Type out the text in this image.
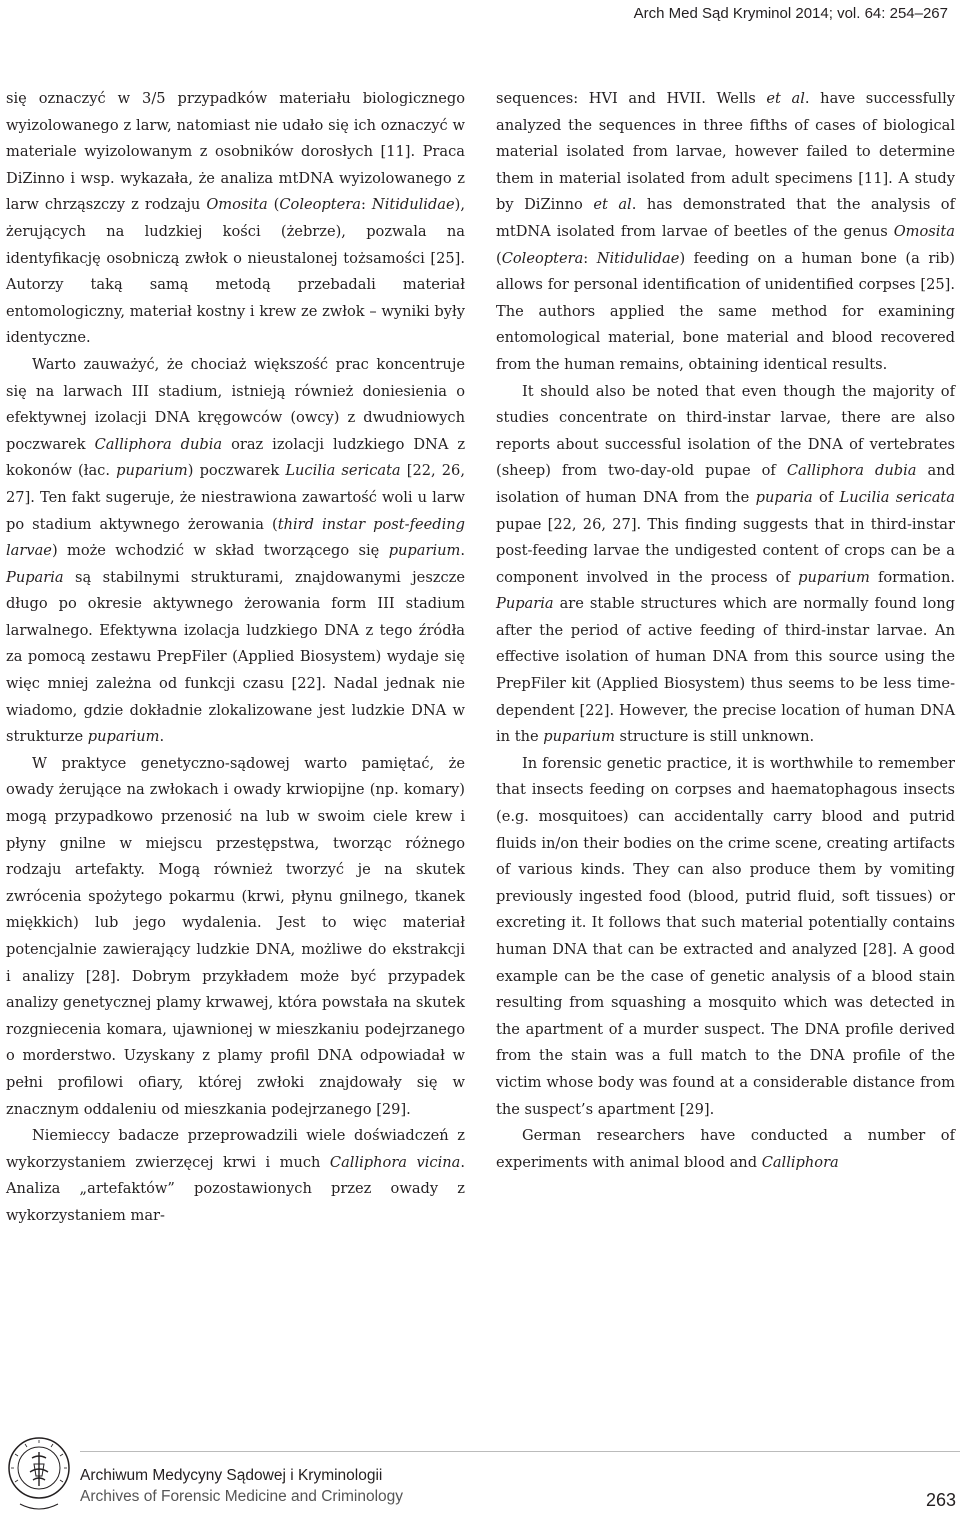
Arch Med Sąd Kryminol 2014; vol. 64: 254–267

się oznaczyć w 3/5 przypadków materiału biologicznego wyizolowanego z larw, natomiast nie udało się ich oznaczyć w materiale wyizolowanym z osobników dorosłych [11]. Praca DiZinno i wsp. wykazała, że analiza mtDNA wyizolowanego z larw chrząszczy z rodzaju Omosita (Coleoptera: Nitidulidae), żerujących na ludzkiej kości (żebrze), pozwala na identyfikację osobniczą zwłok o nieustalonej tożsamości [25]. Autorzy taką samą metodą przebadali materiał entomologiczny, materiał kostny i krew ze zwłok – wyniki były identyczne.

Warto zauważyć, że chociaż większość prac koncentruje się na larwach III stadium, istnieją również doniesienia o efektywnej izolacji DNA kręgowców (owcy) z dwudniowych poczwarek Calliphora dubia oraz izolacji ludzkiego DNA z kokonów (łac. puparium) poczwarek Lucilia sericata [22, 26, 27]. Ten fakt sugeruje, że niestrawiona zawartość woli u larw po stadium aktywnego żerowania (third instar post-feeding larvae) może wchodzić w skład tworzącego się puparium. Puparia są stabilnymi strukturami, znajdowanymi jeszcze długo po okresie aktywnego żerowania form III stadium larwalnego. Efektywna izolacja ludzkiego DNA z tego źródła za pomocą zestawu PrepFiler (Applied Biosystem) wydaje się więc mniej zależna od funkcji czasu [22]. Nadal jednak nie wiadomo, gdzie dokładnie zlokalizowane jest ludzkie DNA w strukturze puparium.

W praktyce genetyczno-sądowej warto pamiętać, że owady żerujące na zwłokach i owady krwiopijne (np. komary) mogą przypadkowo przenosić na lub w swoim ciele krew i płyny gnilne w miejscu przestępstwa, tworząc różnego rodzaju artefakty. Mogą również tworzyć je na skutek zwrócenia spożytego pokarmu (krwi, płynu gnilnego, tkanek miękkich) lub jego wydalenia. Jest to więc materiał potencjalnie zawierający ludzkie DNA, możliwe do ekstrakcji i analizy [28]. Dobrym przykładem może być przypadek analizy genetycznej plamy krwawej, która powstała na skutek rozgniecenia komara, ujawnionej w mieszkaniu podejrzanego o morderstwo. Uzyskany z plamy profil DNA odpowiadał w pełni profilowi ofiary, której zwłoki znajdowały się w znacznym oddaleniu od mieszkania podejrzanego [29].

Niemieccy badacze przeprowadzili wiele doświadczeń z wykorzystaniem zwierzęcej krwi i much Calliphora vicina. Analiza „artefaktów” pozostawionych przez owady z wykorzystaniem mar-

sequences: HVI and HVII. Wells et al. have successfully analyzed the sequences in three fifths of cases of biological material isolated from larvae, however failed to determine them in material isolated from adult specimens [11]. A study by DiZinno et al. has demonstrated that the analysis of mtDNA isolated from larvae of beetles of the genus Omosita (Coleoptera: Nitidulidae) feeding on a human bone (a rib) allows for personal identification of unidentified corpses [25]. The authors applied the same method for examining entomological material, bone material and blood recovered from the human remains, obtaining identical results.

It should also be noted that even though the majority of studies concentrate on third-instar larvae, there are also reports about successful isolation of the DNA of vertebrates (sheep) from two-day-old pupae of Calliphora dubia and isolation of human DNA from the puparia of Lucilia sericata pupae [22, 26, 27]. This finding suggests that in third-instar post-feeding larvae the undigested content of crops can be a component involved in the process of puparium formation. Puparia are stable structures which are normally found long after the period of active feeding of third-instar larvae. An effective isolation of human DNA from this source using the PrepFiler kit (Applied Biosystem) thus seems to be less time-dependent [22]. However, the precise location of human DNA in the puparium structure is still unknown.

In forensic genetic practice, it is worthwhile to remember that insects feeding on corpses and haematophagous insects (e.g. mosquitoes) can accidentally carry blood and putrid fluids in/on their bodies on the crime scene, creating artifacts of various kinds. They can also produce them by vomiting previously ingested food (blood, putrid fluid, soft tissues) or excreting it. It follows that such material potentially contains human DNA that can be extracted and analyzed [28]. A good example can be the case of genetic analysis of a blood stain resulting from squashing a mosquito which was detected in the apartment of a murder suspect. The DNA profile derived from the stain was a full match to the DNA profile of the victim whose body was found at a considerable distance from the suspect’s apartment [29].

German researchers have conducted a number of experiments with animal blood and Calliphora

Archiwum Medycyny Sądowej i Kryminologii
Archives of Forensic Medicine and Criminology	263
